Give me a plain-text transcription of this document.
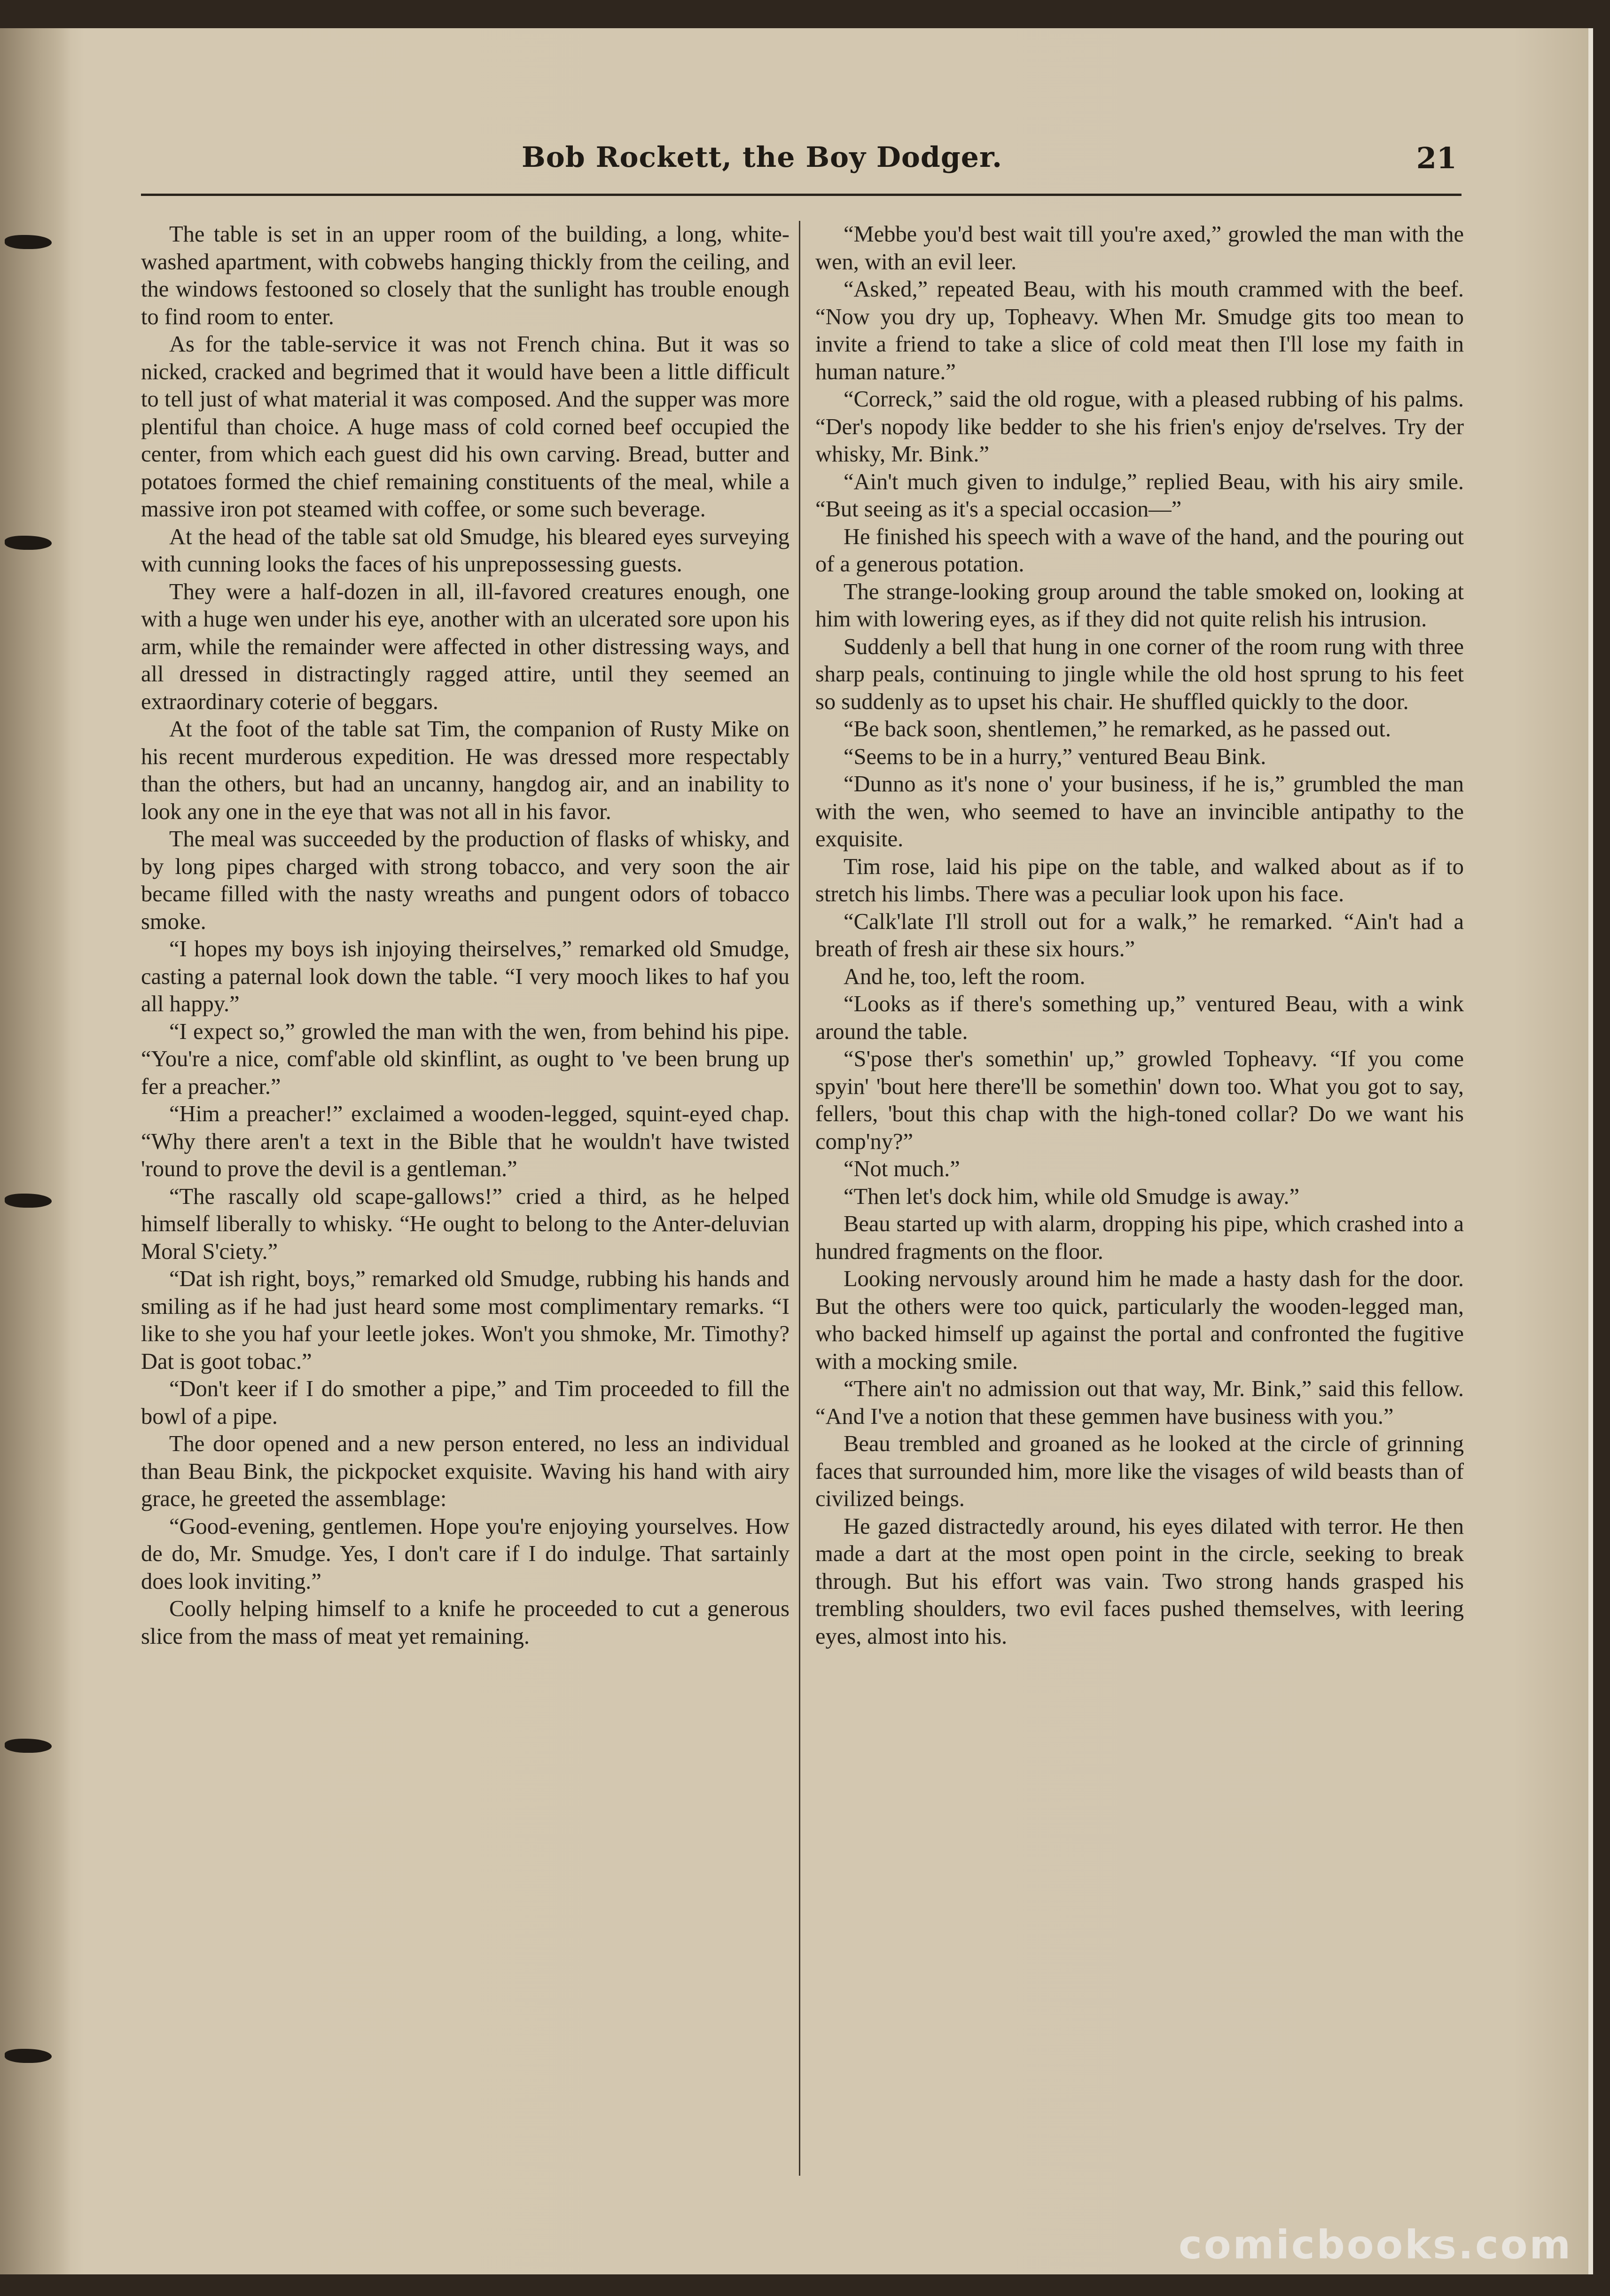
Bob Rockett, the Boy Dodger.	21

The table is set in an upper room of the building, a long, white-washed apartment, with cobwebs hanging thickly from the ceiling, and the windows festooned so closely that the sunlight has trouble enough to find room to enter.

As for the table-service it was not French china. But it was so nicked, cracked and begrimed that it would have been a little difficult to tell just of what material it was composed. And the supper was more plentiful than choice. A huge mass of cold corned beef occupied the center, from which each guest did his own carving. Bread, butter and potatoes formed the chief remaining constituents of the meal, while a massive iron pot steamed with coffee, or some such beverage.

At the head of the table sat old Smudge, his bleared eyes surveying with cunning looks the faces of his unprepossessing guests.

They were a half-dozen in all, ill-favored creatures enough, one with a huge wen under his eye, another with an ulcerated sore upon his arm, while the remainder were affected in other distressing ways, and all dressed in distractingly ragged attire, until they seemed an extraordinary coterie of beggars.

At the foot of the table sat Tim, the companion of Rusty Mike on his recent murderous expedition. He was dressed more respectably than the others, but had an uncanny, hangdog air, and an inability to look any one in the eye that was not all in his favor.

The meal was succeeded by the production of flasks of whisky, and by long pipes charged with strong tobacco, and very soon the air became filled with the nasty wreaths and pungent odors of tobacco smoke.

“I hopes my boys ish injoying theirselves,” remarked old Smudge, casting a paternal look down the table. “I very mooch likes to haf you all happy.”

“I expect so,” growled the man with the wen, from behind his pipe. “You're a nice, comf'able old skinflint, as ought to 've been brung up fer a preacher.”

“Him a preacher!” exclaimed a wooden-legged, squint-eyed chap. “Why there aren't a text in the Bible that he wouldn't have twisted 'round to prove the devil is a gentleman.”

“The rascally old scape-gallows!” cried a third, as he helped himself liberally to whisky. “He ought to belong to the Anter-deluvian Moral S'ciety.”

“Dat ish right, boys,” remarked old Smudge, rubbing his hands and smiling as if he had just heard some most complimentary remarks. “I like to she you haf your leetle jokes. Won't you shmoke, Mr. Timothy? Dat is goot tobac.”

“Don't keer if I do smother a pipe,” and Tim proceeded to fill the bowl of a pipe.

The door opened and a new person entered, no less an individual than Beau Bink, the pickpocket exquisite. Waving his hand with airy grace, he greeted the assemblage:

“Good-evening, gentlemen. Hope you're enjoying yourselves. How de do, Mr. Smudge. Yes, I don't care if I do indulge. That sartainly does look inviting.”

Coolly helping himself to a knife he proceeded to cut a generous slice from the mass of meat yet remaining.

“Mebbe you'd best wait till you're axed,” growled the man with the wen, with an evil leer.

“Asked,” repeated Beau, with his mouth crammed with the beef. “Now you dry up, Topheavy. When Mr. Smudge gits too mean to invite a friend to take a slice of cold meat then I'll lose my faith in human nature.”

“Correck,” said the old rogue, with a pleased rubbing of his palms. “Der's nopody like bedder to she his frien's enjoy de'rselves. Try der whisky, Mr. Bink.”

“Ain't much given to indulge,” replied Beau, with his airy smile. “But seeing as it's a special occasion—”

He finished his speech with a wave of the hand, and the pouring out of a generous potation.

The strange-looking group around the table smoked on, looking at him with lowering eyes, as if they did not quite relish his intrusion.

Suddenly a bell that hung in one corner of the room rung with three sharp peals, continuing to jingle while the old host sprung to his feet so suddenly as to upset his chair. He shuffled quickly to the door.

“Be back soon, shentlemen,” he remarked, as he passed out.

“Seems to be in a hurry,” ventured Beau Bink.

“Dunno as it's none o' your business, if he is,” grumbled the man with the wen, who seemed to have an invincible antipathy to the exquisite.

Tim rose, laid his pipe on the table, and walked about as if to stretch his limbs. There was a peculiar look upon his face.

“Calk'late I'll stroll out for a walk,” he remarked. “Ain't had a breath of fresh air these six hours.”

And he, too, left the room.

“Looks as if there's something up,” ventured Beau, with a wink around the table.

“S'pose ther's somethin' up,” growled Topheavy. “If you come spyin' 'bout here there'll be somethin' down too. What you got to say, fellers, 'bout this chap with the high-toned collar? Do we want his comp'ny?”

“Not much.”

“Then let's dock him, while old Smudge is away.”

Beau started up with alarm, dropping his pipe, which crashed into a hundred fragments on the floor.

Looking nervously around him he made a hasty dash for the door. But the others were too quick, particularly the wooden-legged man, who backed himself up against the portal and confronted the fugitive with a mocking smile.

“There ain't no admission out that way, Mr. Bink,” said this fellow. “And I've a notion that these gemmen have business with you.”

Beau trembled and groaned as he looked at the circle of grinning faces that surrounded him, more like the visages of wild beasts than of civilized beings.

He gazed distractedly around, his eyes dilated with terror. He then made a dart at the most open point in the circle, seeking to break through. But his effort was vain. Two strong hands grasped his trembling shoulders, two evil faces pushed themselves, with leering eyes, almost into his.

comicbooks.com
